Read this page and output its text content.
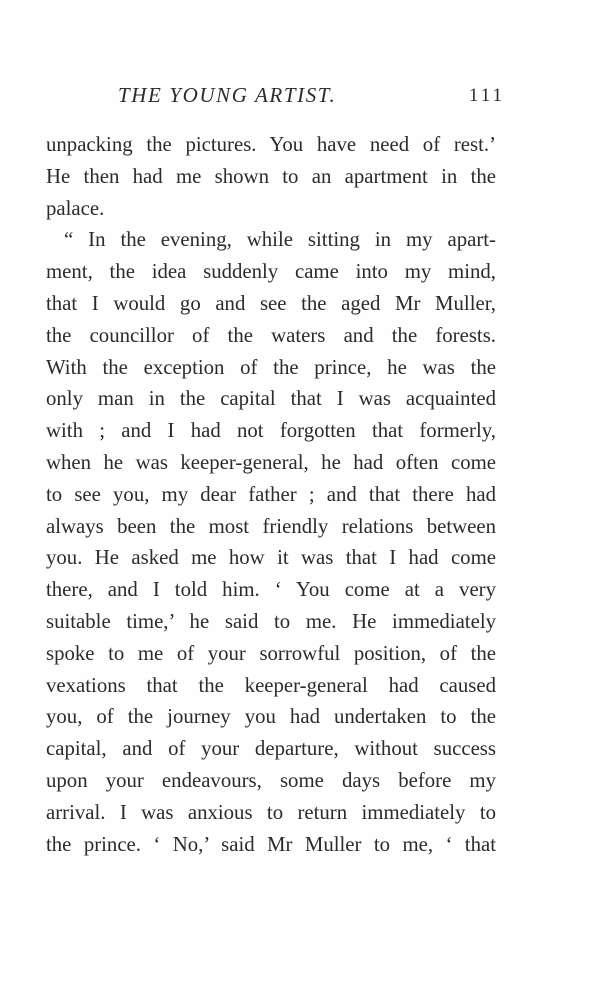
THE YOUNG ARTIST.	111
unpacking the pictures. You have need of rest.’
He then had me shown to an apartment in the
palace.
“ In the evening, while sitting in my apart-
ment, the idea suddenly came into my mind,
that I would go and see the aged Mr Muller,
the councillor of the waters and the forests.
With the exception of the prince, he was the
only man in the capital that I was acquainted
with ; and I had not forgotten that formerly,
when he was keeper-general, he had often come
to see you, my dear father ; and that there had
always been the most friendly relations between
you. He asked me how it was that I had come
there, and I told him. ‘ You come at a very
suitable time,’ he said to me. He immediately
spoke to me of your sorrowful position, of the
vexations that the keeper-general had caused
you, of the journey you had undertaken to the
capital, and of your departure, without success
upon your endeavours, some days before my
arrival. I was anxious to return immediately to
the prince. ‘ No,’ said Mr Muller to me, ‘ that
